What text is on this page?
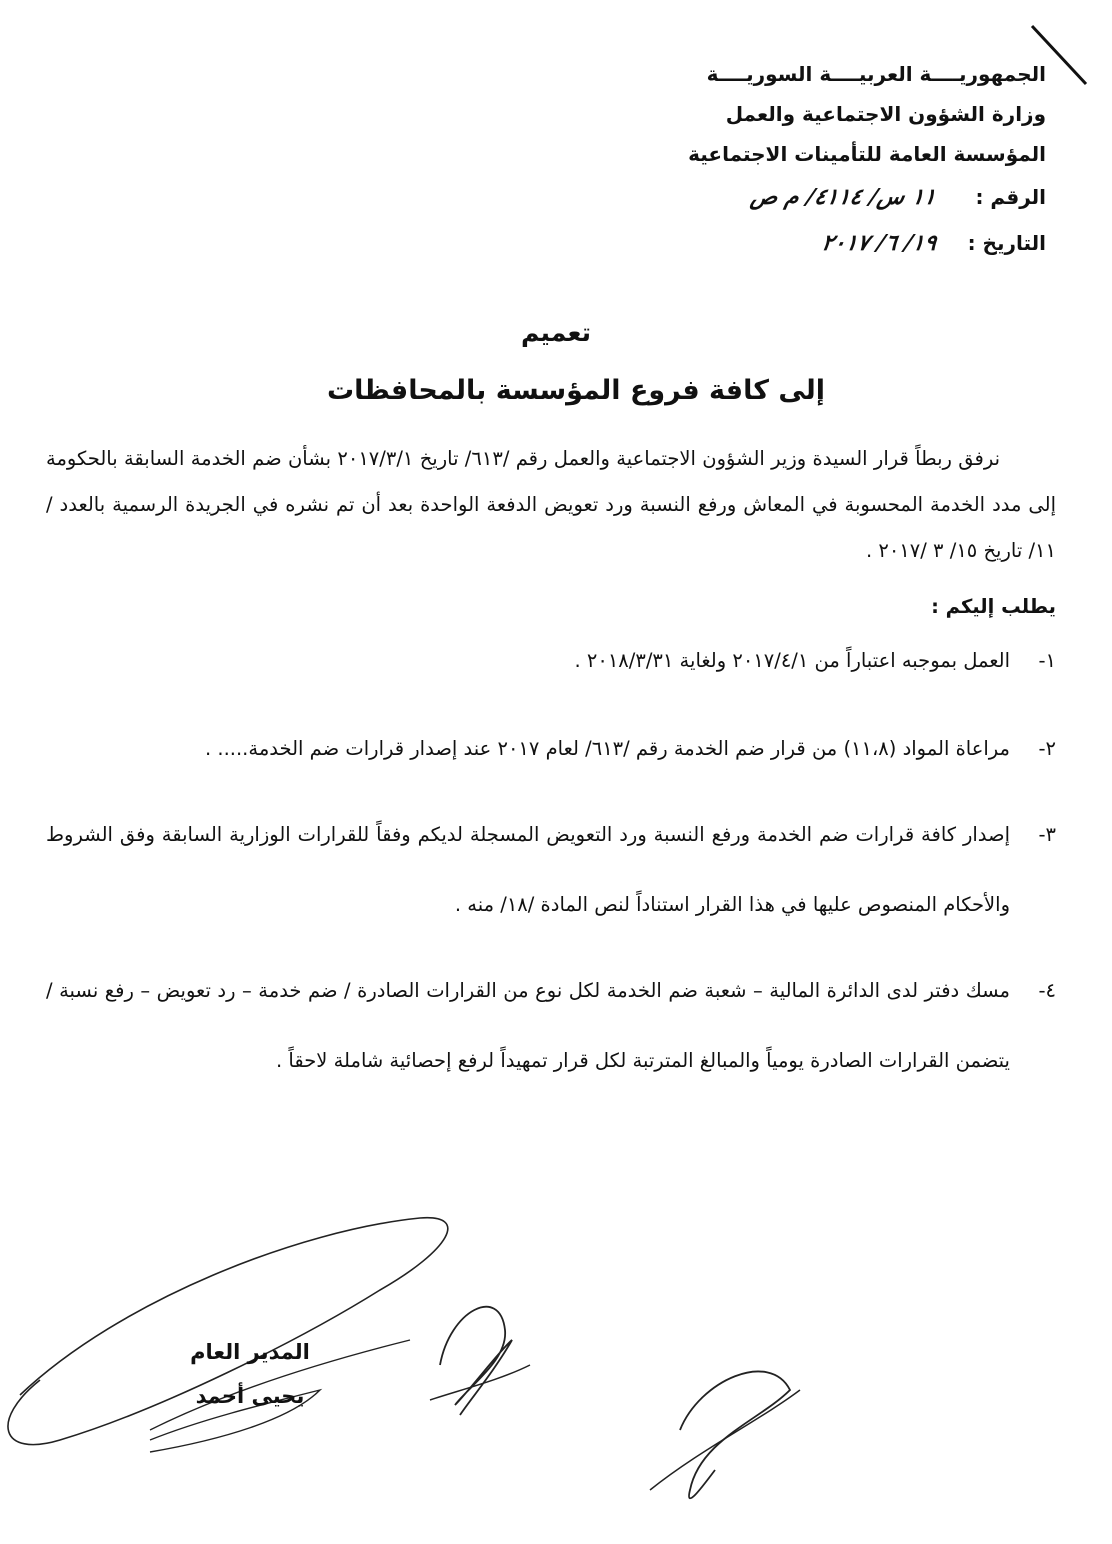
الجمهوريــــة العربيــــة السوريــــة
وزارة الشؤون الاجتماعية والعمل
المؤسسة العامة للتأمينات الاجتماعية
الرقم :
١١ س/ ٤١١٤/ م ص
التاريخ :
١٩/ ٦/ ٢٠١٧
تعميم
إلى كافة فروع المؤسسة بالمحافظات

نرفق ربطاً قرار السيدة وزير الشؤون الاجتماعية والعمل رقم /٦١٣/ تاريخ ٢٠١٧/٣/١ بشأن ضم الخدمة السابقة بالحكومة إلى مدد الخدمة المحسوبة في المعاش ورفع النسبة ورد تعويض الدفعة الواحدة بعد أن تم نشره في الجريدة الرسمية بالعدد /١١/ تاريخ ١٥/ ٣ /٢٠١٧ .

يطلب إليكم :

١-
العمل بموجبه اعتباراً من ٢٠١٧/٤/١ ولغاية ٢٠١٨/٣/٣١ .
٢-
مراعاة المواد (١١،٨) من قرار ضم الخدمة رقم /٦١٣/ لعام ٢٠١٧ عند إصدار قرارات ضم الخدمة..... .
٣-
إصدار كافة قرارات ضم الخدمة ورفع النسبة ورد التعويض المسجلة لديكم وفقاً للقرارات الوزارية السابقة وفق الشروط والأحكام المنصوص عليها في هذا القرار استناداً لنص المادة /١٨/ منه .
٤-
مسك دفتر لدى الدائرة المالية – شعبة ضم الخدمة لكل نوع من القرارات الصادرة / ضم خدمة – رد تعويض – رفع نسبة / يتضمن القرارات الصادرة يومياً والمبالغ المترتبة لكل قرار تمهيداً لرفع إحصائية شاملة لاحقاً .
المدير العام
يحيى أحمد
